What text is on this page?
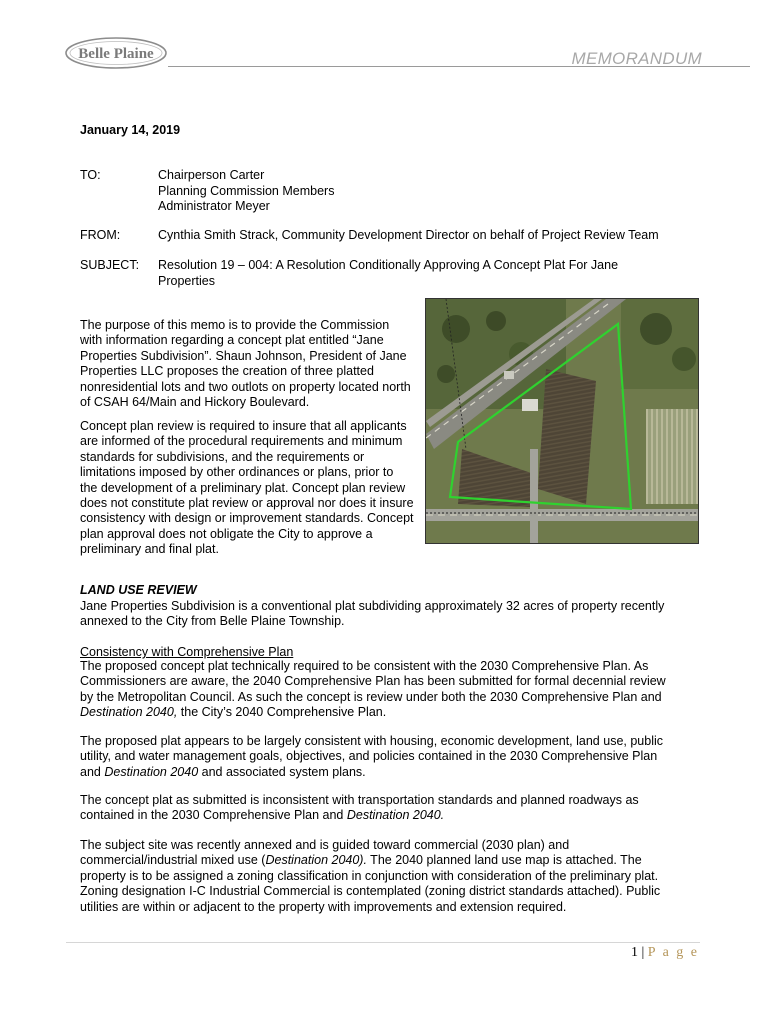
Belle Plaine	MEMORANDUM
January 14, 2019
TO:	Chairperson Carter
Planning Commission Members
Administrator Meyer
FROM:	Cynthia Smith Strack, Community Development Director on behalf of Project Review Team
SUBJECT: Resolution 19 – 004: A Resolution Conditionally Approving A Concept Plat For Jane
Properties
The purpose of this memo is to provide the Commission
with information regarding a concept plat entitled “Jane
Properties Subdivision”. Shaun Johnson, President of Jane
Properties LLC proposes the creation of three platted
nonresidential lots and two outlots on property located north
of CSAH 64/Main and Hickory Boulevard.
Concept plan review is required to insure that all applicants
are informed of the procedural requirements and minimum
standards for subdivisions, and the requirements or
limitations imposed by other ordinances or plans, prior to
the development of a preliminary plat. Concept plan review
does not constitute plat review or approval nor does it insure
consistency with design or improvement standards. Concept
plan approval does not obligate the City to approve a
preliminary and final plat.
LAND USE REVIEW
Jane Properties Subdivision is a conventional plat subdividing approximately 32 acres of property recently
annexed to the City from Belle Plaine Township.
Consistency with Comprehensive Plan
The proposed concept plat technically required to be consistent with the 2030 Comprehensive Plan. As
Commissioners are aware, the 2040 Comprehensive Plan has been submitted for formal decennial review
by the Metropolitan Council. As such the concept is review under both the 2030 Comprehensive Plan and
Destination 2040, the City’s 2040 Comprehensive Plan.
The proposed plat appears to be largely consistent with housing, economic development, land use, public
utility, and water management goals, objectives, and policies contained in the 2030 Comprehensive Plan
and Destination 2040 and associated system plans.
The concept plat as submitted is inconsistent with transportation standards and planned roadways as
contained in the 2030 Comprehensive Plan and Destination 2040.
The subject site was recently annexed and is guided toward commercial (2030 plan) and
commercial/industrial mixed use (Destination 2040). The 2040 planned land use map is attached. The
property is to be assigned a zoning classification in conjunction with consideration of the preliminary plat.
Zoning designation I-C Industrial Commercial is contemplated (zoning district standards attached). Public
utilities are within or adjacent to the property with improvements and extension required.
1 | P a g e
